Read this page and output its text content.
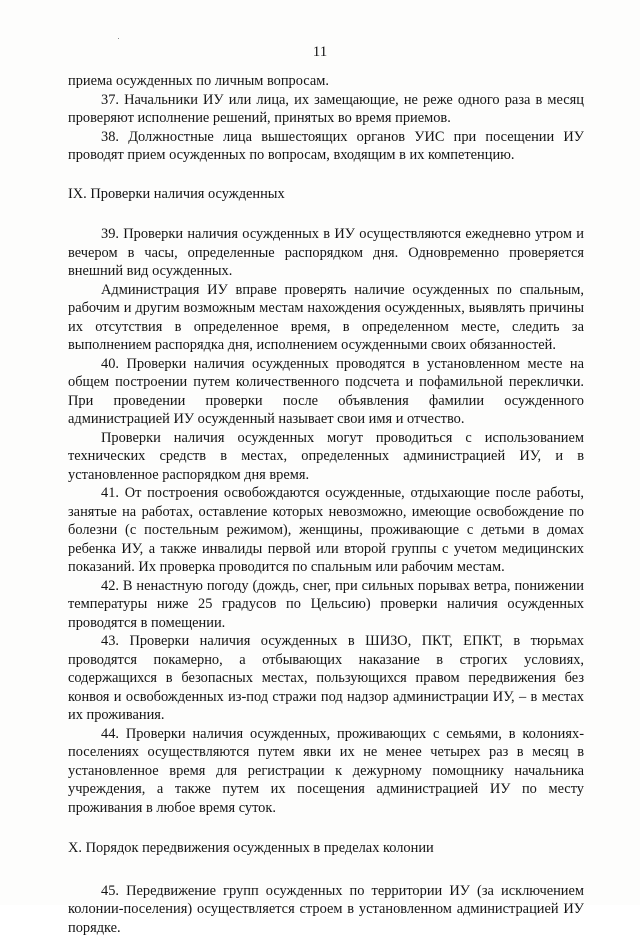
11

приема осужденных по личным вопросам.

37. Начальники ИУ или лица, их замещающие, не реже одного раза в месяц проверяют исполнение решений, принятых во время приемов.

38. Должностные лица вышестоящих органов УИС при посещении ИУ проводят прием осужденных по вопросам, входящим в их компетенцию.

IX. Проверки наличия осужденных

39. Проверки наличия осужденных в ИУ осуществляются ежедневно утром и вечером в часы, определенные распорядком дня. Одновременно проверяется внешний вид осужденных.

Администрация ИУ вправе проверять наличие осужденных по спальным, рабочим и другим возможным местам нахождения осужденных, выявлять причины их отсутствия в определенное время, в определенном месте, следить за выполнением распорядка дня, исполнением осужденными своих обязанностей.

40. Проверки наличия осужденных проводятся в установленном месте на общем построении путем количественного подсчета и пофамильной переклички. При проведении проверки после объявления фамилии осужденного администрацией ИУ осужденный называет свои имя и отчество.

Проверки наличия осужденных могут проводиться с использованием технических средств в местах, определенных администрацией ИУ, и в установленное распорядком дня время.

41. От построения освобождаются осужденные, отдыхающие после работы, занятые на работах, оставление которых невозможно, имеющие освобождение по болезни (с постельным режимом), женщины, проживающие с детьми в домах ребенка ИУ, а также инвалиды первой или второй группы с учетом медицинских показаний. Их проверка проводится по спальным или рабочим местам.

42. В ненастную погоду (дождь, снег, при сильных порывах ветра, понижении температуры ниже 25 градусов по Цельсию) проверки наличия осужденных проводятся в помещении.

43. Проверки наличия осужденных в ШИЗО, ПКТ, ЕПКТ, в тюрьмах проводятся покамерно, а отбывающих наказание в строгих условиях, содержащихся в безопасных местах, пользующихся правом передвижения без конвоя и освобожденных из-под стражи под надзор администрации ИУ, – в местах их проживания.

44. Проверки наличия осужденных, проживающих с семьями, в колониях-поселениях осуществляются путем явки их не менее четырех раз в месяц в установленное время для регистрации к дежурному помощнику начальника учреждения, а также путем их посещения администрацией ИУ по месту проживания в любое время суток.

X. Порядок передвижения осужденных в пределах колонии

45. Передвижение групп осужденных по территории ИУ (за исключением колонии-поселения) осуществляется строем в установленном администрацией ИУ порядке.
